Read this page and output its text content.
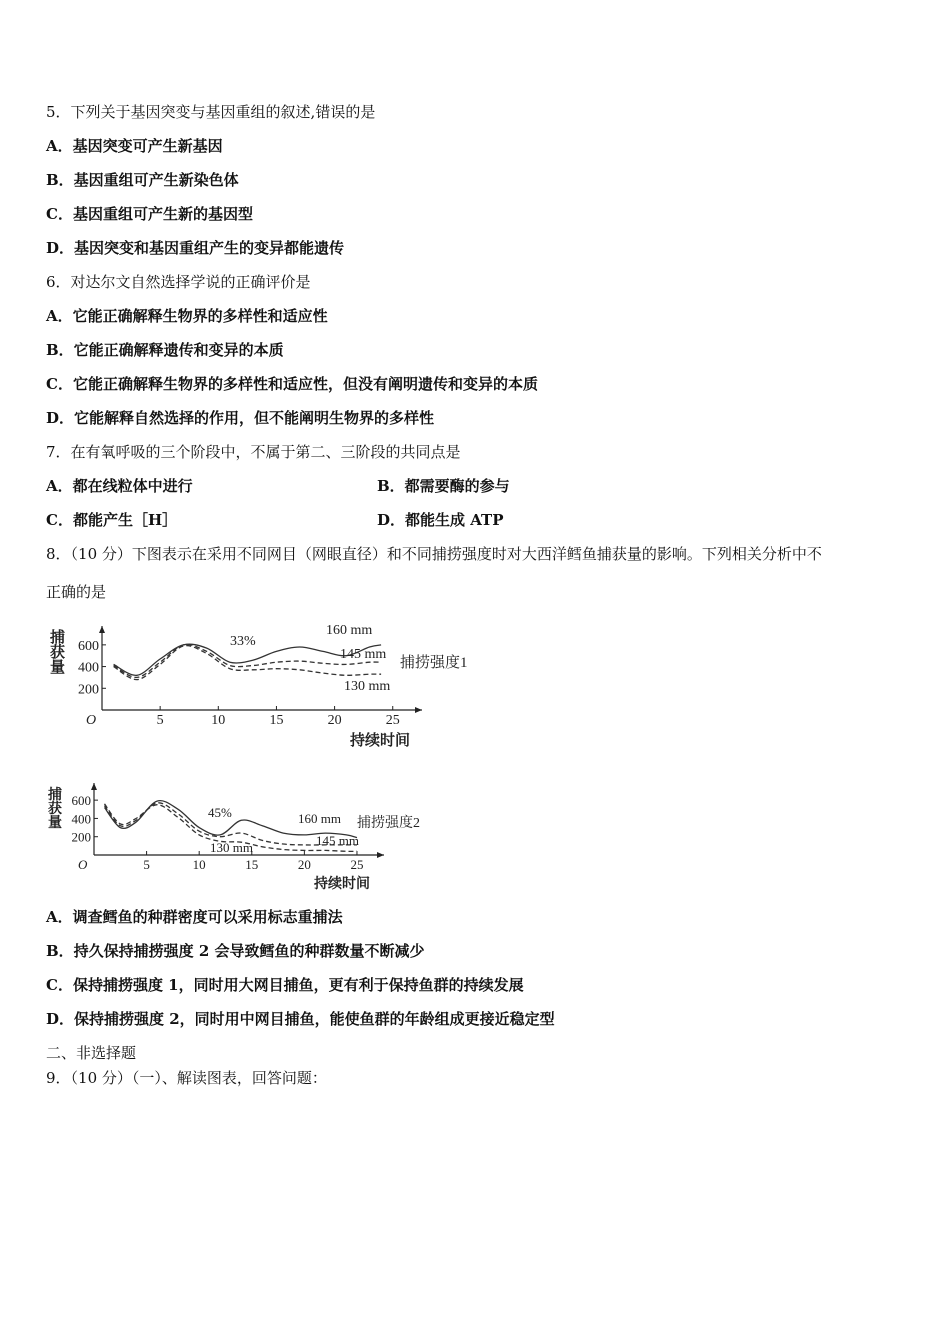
5．下列关于基因突变与基因重组的叙述,错误的是
A．基因突变可产生新基因
B．基因重组可产生新染色体
C．基因重组可产生新的基因型
D．基因突变和基因重组产生的变异都能遗传
6．对达尔文自然选择学说的正确评价是
A．它能正确解释生物界的多样性和适应性
B．它能正确解释遗传和变异的本质
C．它能正确解释生物界的多样性和适应性，但没有阐明遗传和变异的本质
D．它能解释自然选择的作用，但不能阐明生物界的多样性
7．在有氧呼吸的三个阶段中，不属于第二、三阶段的共同点是
A．都在线粒体中进行	B．都需要酶的参与
C．都能产生［H］	D．都能生成 ATP
8．（10 分）下图表示在采用不同网目（网眼直径）和不同捕捞强度时对大西洋鳕鱼捕获量的影响。下列相关分析中不
正确的是
捕获量
O
200
400
600
5	10	15	20	25
持续时间
160 mm
145 mm
130 mm
33%
捕捞强度1
捕获量
O
200
400
600
5	10	15	20	25
持续时间
160 mm
145 mm
130 mm
45%
捕捞强度2
A．调查鳕鱼的种群密度可以采用标志重捕法
B．持久保持捕捞强度 2 会导致鳕鱼的种群数量不断减少
C．保持捕捞强度 1，同时用大网目捕鱼，更有利于保持鱼群的持续发展
D．保持捕捞强度 2，同时用中网目捕鱼，能使鱼群的年龄组成更接近稳定型
二、非选择题
9．（10 分）（一）、解读图表，回答问题：
